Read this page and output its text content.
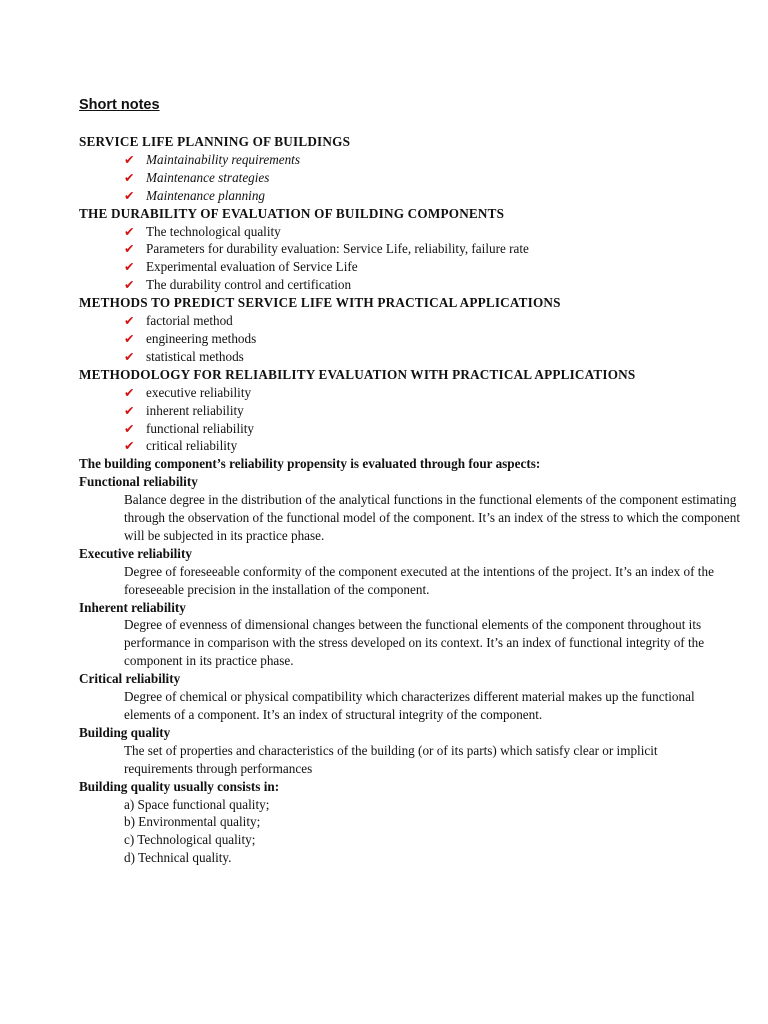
Short notes
SERVICE LIFE PLANNING OF BUILDINGS
✔ Maintainability requirements
✔ Maintenance strategies
✔ Maintenance planning
THE DURABILITY OF EVALUATION OF BUILDING COMPONENTS
✔ The technological quality
✔ Parameters for durability evaluation: Service Life, reliability, failure rate
✔ Experimental evaluation of Service Life
✔ The durability control and certification
METHODS TO PREDICT SERVICE LIFE WITH PRACTICAL APPLICATIONS
✔ factorial method
✔ engineering methods
✔ statistical methods
METHODOLOGY FOR RELIABILITY EVALUATION WITH PRACTICAL APPLICATIONS
✔ executive reliability
✔ inherent reliability
✔ functional reliability
✔ critical reliability
The building component’s reliability propensity is evaluated through four aspects:
Functional reliability
Balance degree in the distribution of the analytical functions in the functional elements of the component estimating through the observation of the functional model of the component. It’s an index of the stress to which the component will be subjected in its practice phase.
Executive reliability
Degree of foreseeable conformity of the component executed at the intentions of the project. It’s an index of the foreseeable precision in the installation of the component.
Inherent reliability
Degree of evenness of dimensional changes between the functional elements of the component throughout its performance in comparison with the stress developed on its context. It’s an index of functional integrity of the component in its practice phase.
Critical reliability
Degree of chemical or physical compatibility which characterizes different material makes up the functional elements of a component. It’s an index of structural integrity of the component.
Building quality
The set of properties and characteristics of the building (or of its parts) which satisfy clear or implicit requirements through performances
Building quality usually consists in:
a) Space functional quality;
b) Environmental quality;
c) Technological quality;
d) Technical quality.
